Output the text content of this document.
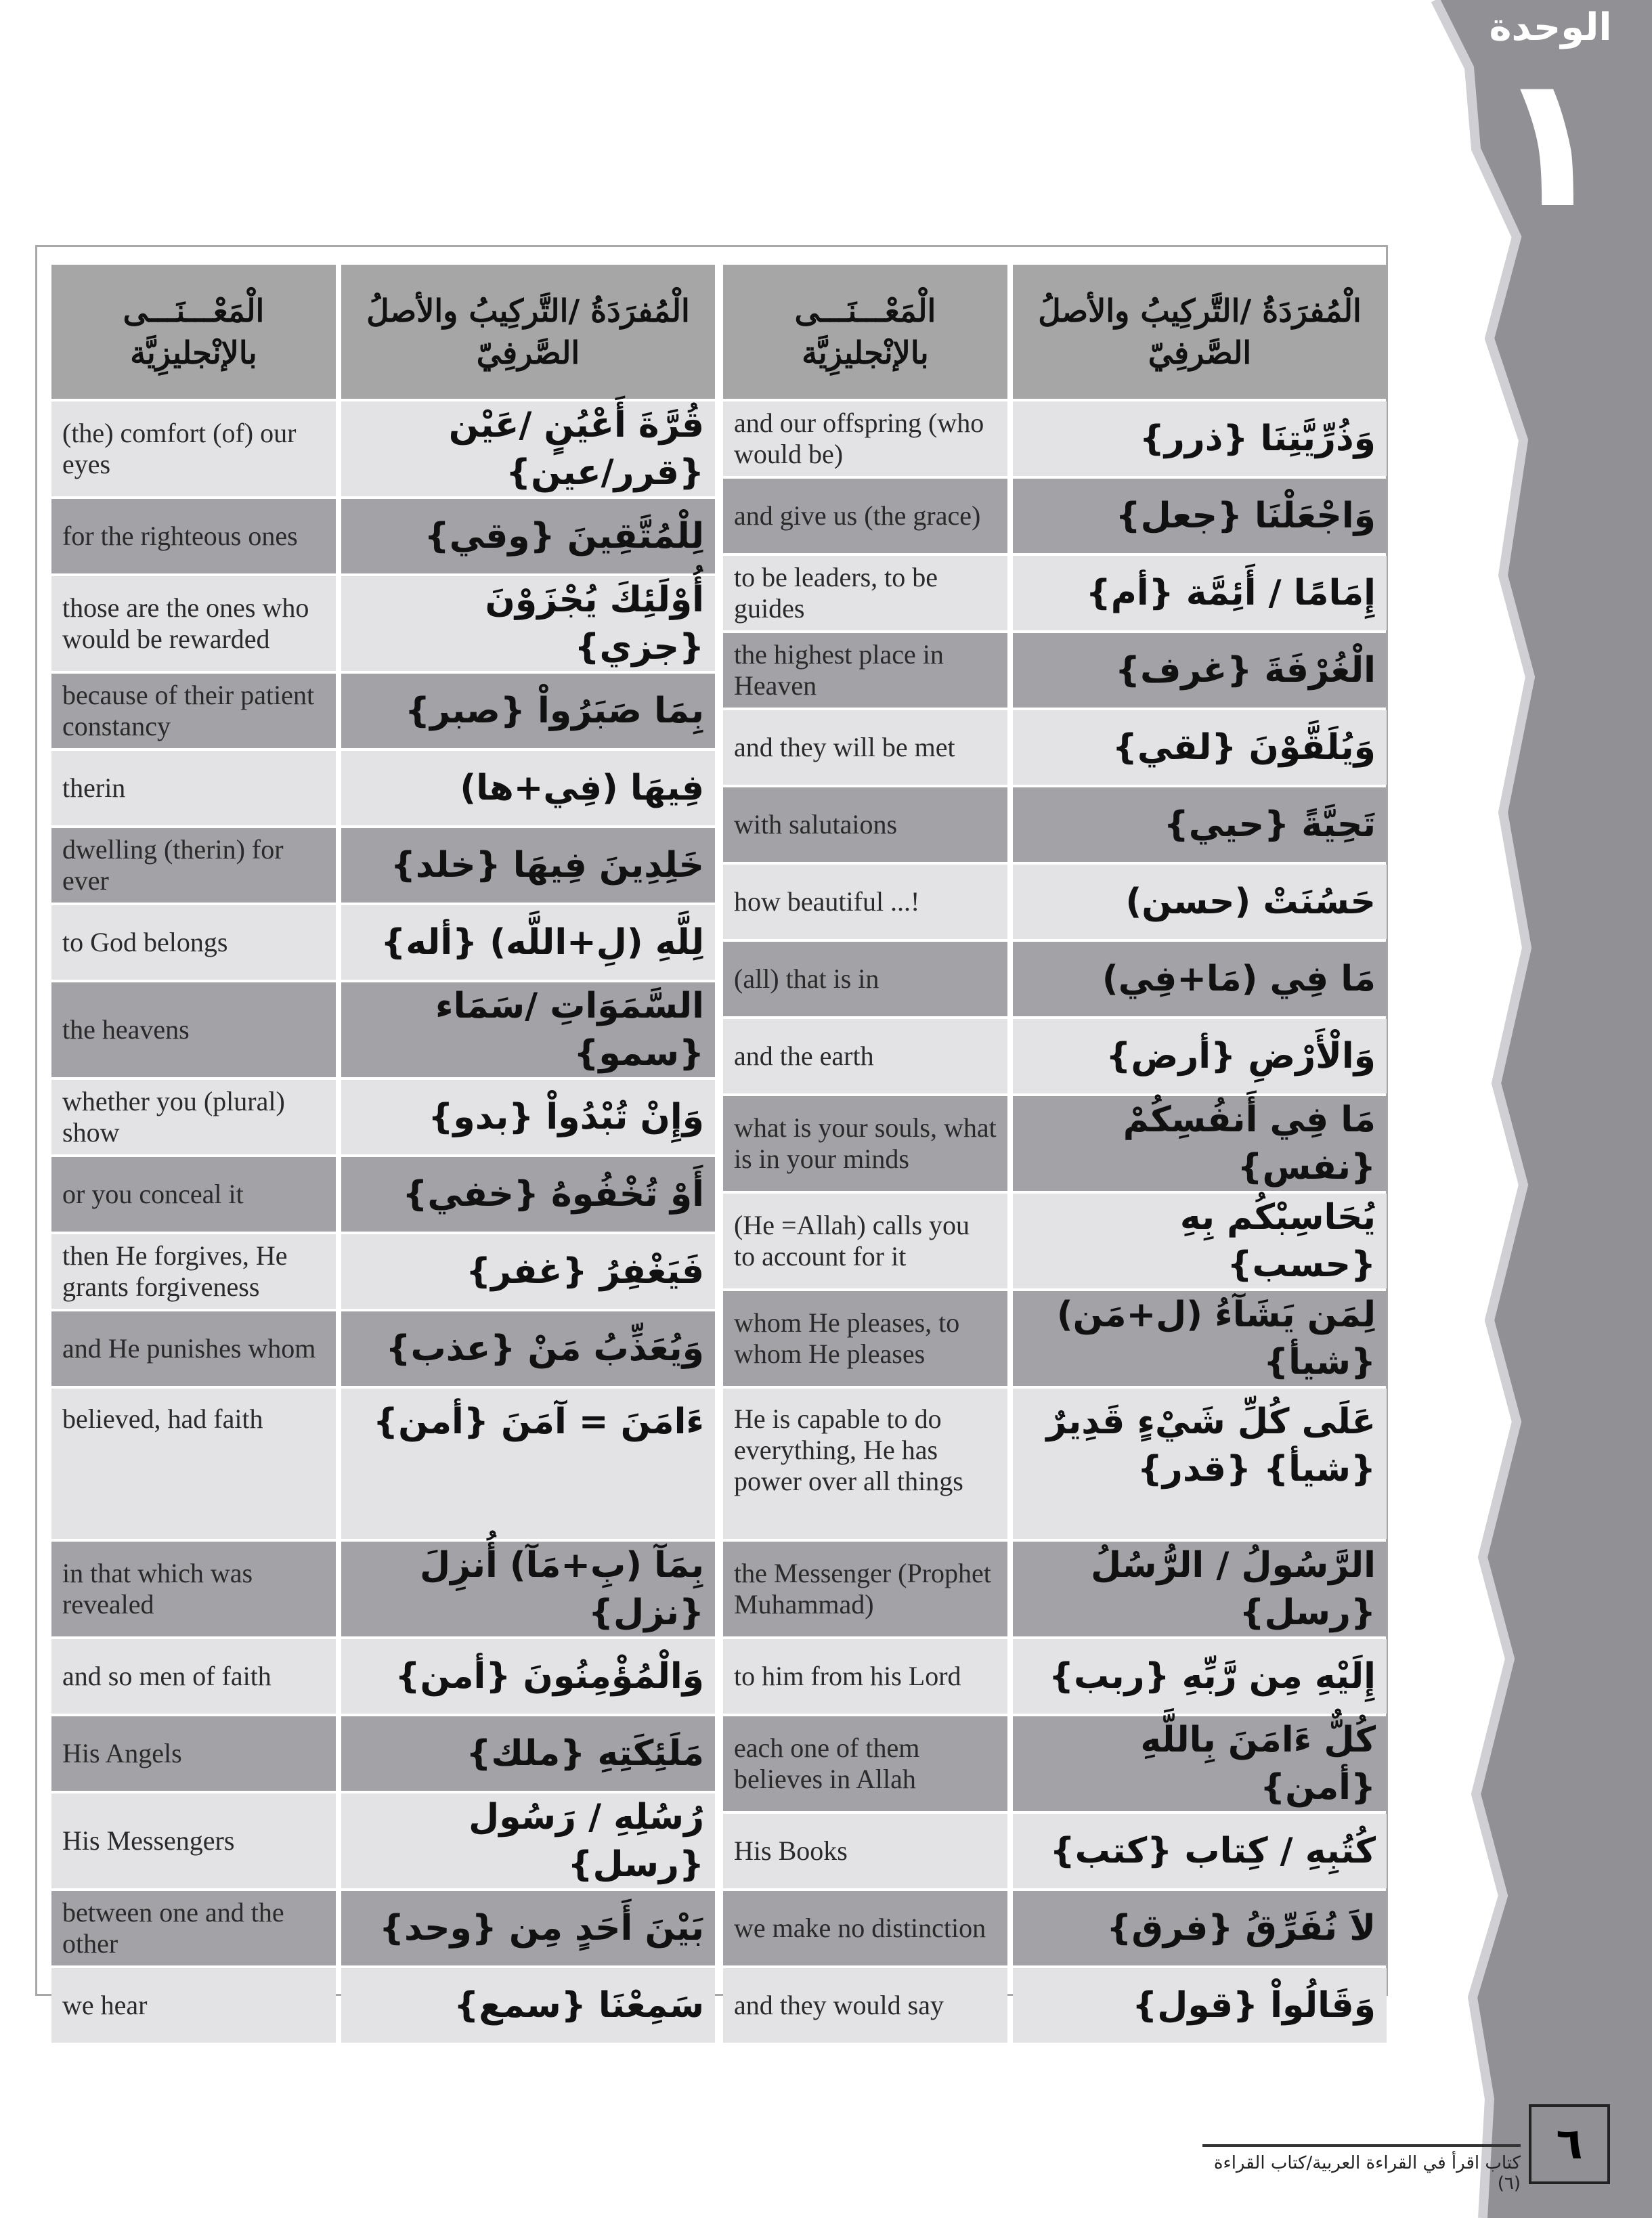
الوحدة
١
الْمَعْـــنَـــى بالإنْجليزِيَّة	الْمُفرَدَةُ /التَّركِيبُ والأصلُ الصَّرفِيّ
and our offspring (who would be)	وَذُرِّيَّتِنَا {ذرر}
and give us (the grace)	وَاجْعَلْنَا {جعل}
to be leaders, to be guides	إِمَامًا / أَئِمَّة {أم}
the highest place in Heaven	الْغُرْفَةَ {غرف}
and they will be met	وَيُلَقَّوْنَ {لقي}
with salutaions	تَحِيَّةً {حيي}
how beautiful ...!	حَسُنَتْ (حسن)
(all) that is in	مَا فِي (مَا+فِي)
and the earth	وَالْأَرْضِ {أرض}
what is your souls, what is in your minds	مَا فِي أَنفُسِكُمْ {نفس}
(He =Allah) calls you to account for it	يُحَاسِبْكُم بِهِ {حسب}
whom He pleases, to whom He pleases	لِمَن يَشَآءُ (ل+مَن) {شيأ}
He is capable to do everything, He has power over all things	عَلَى كُلِّ شَيْءٍ قَدِيرٌ {شيأ} {قدر}
the Messenger (Prophet Muhammad)	الرَّسُولُ / الرُّسُلُ {رسل}
to him from his Lord	إِلَيْهِ مِن رَّبِّهِ {ربب}
each one of them believes in Allah	كُلٌّ ءَامَنَ بِاللَّهِ {أمن}
His Books	كُتُبِهِ / كِتاب {كتب}
we make no distinction	لاَ نُفَرِّقُ {فرق}
and they would say	وَقَالُواْ {قول}
الْمَعْـــنَـــى بالإنْجليزِيَّة	الْمُفرَدَةُ /التَّركِيبُ والأصلُ الصَّرفِيّ
(the) comfort (of) our eyes	قُرَّةَ أَعْيُنٍ /عَيْن {قرر/عين}
for the righteous ones	لِلْمُتَّقِينَ {وقي}
those are the ones who would be rewarded	أُوْلَئِكَ يُجْزَوْنَ {جزي}
because of their patient constancy	بِمَا صَبَرُواْ {صبر}
therin	فِيهَا (فِي+ها)
dwelling (therin) for ever	خَلِدِينَ فِيهَا {خلد}
to God belongs	لِلَّهِ (لِ+اللَّه) {أله}
the heavens	السَّمَوَاتِ /سَمَاء {سمو}
whether you (plural) show	وَإِنْ تُبْدُواْ {بدو}
or you conceal it	أَوْ تُخْفُوهُ {خفي}
then He forgives, He grants forgiveness	فَيَغْفِرُ {غفر}
and He punishes whom	وَيُعَذِّبُ مَنْ {عذب}
believed, had faith	ءَامَنَ = آمَنَ {أمن}
in that which was revealed	بِمَآ (بِ+مَآ) أُنزِلَ {نزل}
and so men of faith	وَالْمُؤْمِنُونَ {أمن}
His Angels	مَلَئِكَتِهِ {ملك}
His Messengers	رُسُلِهِ / رَسُول {رسل}
between one and the other	بَيْنَ أَحَدٍ مِن {وحد}
we hear	سَمِعْنَا {سمع}
كتاب اقرأ في القراءة العربية/كتاب القراءة (٦)
٦
